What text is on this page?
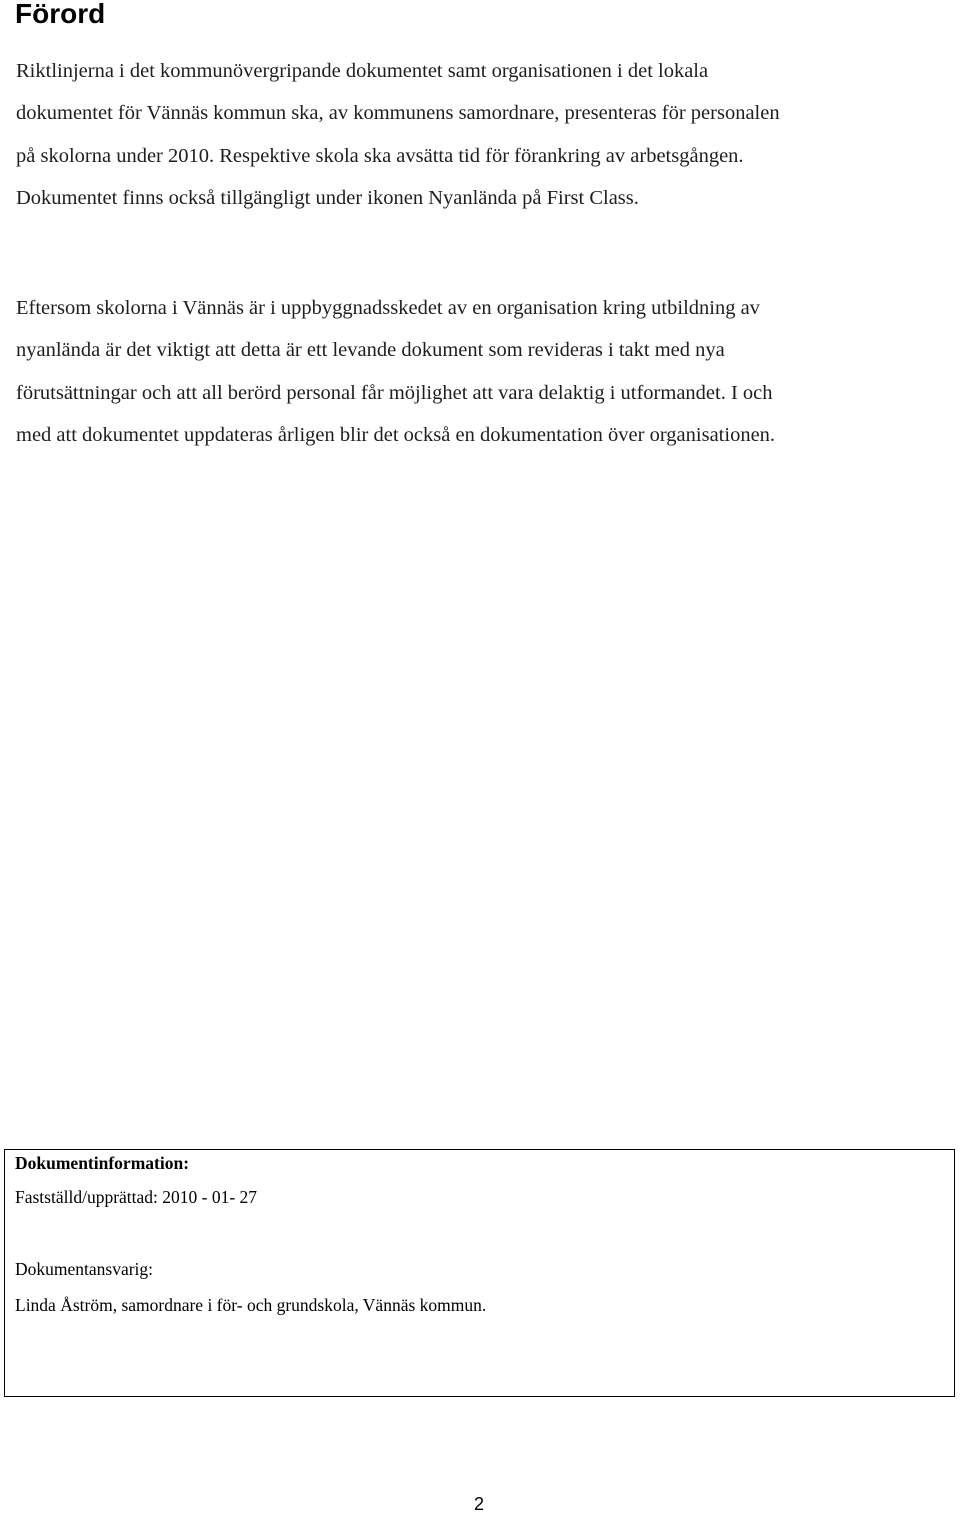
Förord

Riktlinjerna i det kommunövergripande dokumentet samt organisationen i det lokala
dokumentet för Vännäs kommun ska, av kommunens samordnare, presenteras för personalen
på skolorna under 2010. Respektive skola ska avsätta tid för förankring av arbetsgången.
Dokumentet finns också tillgängligt under ikonen Nyanlända på First Class.

Eftersom skolorna i Vännäs är i uppbyggnadsskedet av en organisation kring utbildning av
nyanlända är det viktigt att detta är ett levande dokument som revideras i takt med nya
förutsättningar och att all berörd personal får möjlighet att vara delaktig i utformandet. I och
med att dokumentet uppdateras årligen blir det också en dokumentation över organisationen.

Dokumentinformation:
Fastställd/upprättad: 2010 - 01- 27
Dokumentansvarig:
Linda Åström, samordnare i för- och grundskola, Vännäs kommun.
2
